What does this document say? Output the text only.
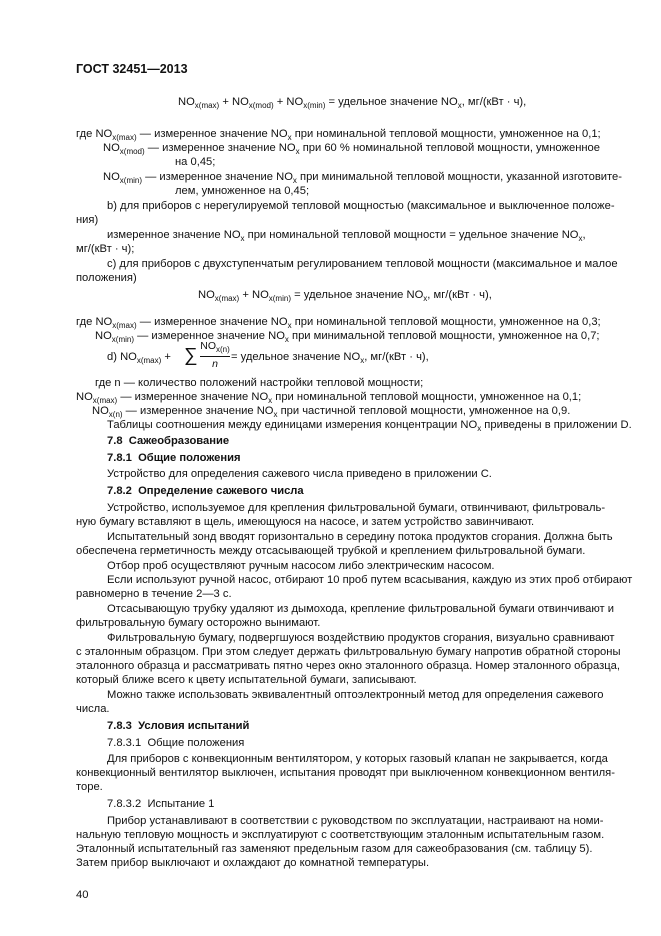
ГОСТ 32451—2013
$NO_{x(max)} + NO_{x(mod)} + NO_{x(min)}$ = удельное значение $NO_x$, мг/(кВт · ч),
где $NO_{x(max)}$ — измеренное значение $NO_x$ при номинальной тепловой мощности, умноженное на 0,1;
$NO_{x(mod)}$ — измеренное значение $NO_x$ при 60 % номинальной тепловой мощности, умноженное
на 0,45;
$NO_{x(min)}$ — измеренное значение $NO_x$ при минимальной тепловой мощности, указанной изготовите-
лем, умноженное на 0,45;
b) для приборов с нерегулируемой тепловой мощностью (максимальное и выключенное положе-
ния)
измеренное значение $NO_x$ при номинальной тепловой мощности = удельное значение $NO_x$,
мг/(кВт · ч);
c) для приборов с двухступенчатым регулированием тепловой мощности (максимальное и малое
положения)
$NO_{x(max)} + NO_{x(min)}$ = удельное значение $NO_x$, мг/(кВт · ч),
где $NO_{x(max)}$ — измеренное значение $NO_x$ при номинальной тепловой мощности, умноженное на 0,3;
$NO_{x(min)}$ — измеренное значение $NO_x$ при минимальной тепловой мощности, умноженное на 0,7;
d) $NO_{x(max)}$ + ∑ $NO_{x(n)}$
n
= удельное значение $NO_x$, мг/(кВт · ч),
где n — количество положений настройки тепловой мощности;
$NO_{x(max)}$ — измеренное значение $NO_x$ при номинальной тепловой мощности, умноженное на 0,1;
$NO_{x(n)}$ — измеренное значение $NO_x$ при частичной тепловой мощности, умноженное на 0,9.
Таблицы соотношения между единицами измерения концентрации $NO_x$ приведены в приложении D.
7.8 Сажеобразование
7.8.1 Общие положения
Устройство для определения сажевого числа приведено в приложении С.
7.8.2 Определение сажевого числа
Устройство, используемое для крепления фильтровальной бумаги, отвинчивают, фильтроваль-
ную бумагу вставляют в щель, имеющуюся на насосе, и затем устройство завинчивают.
Испытательный зонд вводят горизонтально в середину потока продуктов сгорания. Должна быть
обеспечена герметичность между отсасывающей трубкой и креплением фильтровальной бумаги.
Отбор проб осуществляют ручным насосом либо электрическим насосом.
Если используют ручной насос, отбирают 10 проб путем всасывания, каждую из этих проб отбирают
равномерно в течение 2—3 с.
Отсасывающую трубку удаляют из дымохода, крепление фильтровальной бумаги отвинчивают и
фильтровальную бумагу осторожно вынимают.
Фильтровальную бумагу, подвергшуюся воздействию продуктов сгорания, визуально сравнивают
с эталонным образцом. При этом следует держать фильтровальную бумагу напротив обратной стороны
эталонного образца и рассматривать пятно через окно эталонного образца. Номер эталонного образца,
который ближе всего к цвету испытательной бумаги, записывают.
Можно также использовать эквивалентный оптоэлектронный метод для определения сажевого
числа.
7.8.3 Условия испытаний
7.8.3.1 Общие положения
Для приборов с конвекционным вентилятором, у которых газовый клапан не закрывается, когда
конвекционный вентилятор выключен, испытания проводят при выключенном конвекционном вентиля-
торе.
7.8.3.2 Испытание 1
Прибор устанавливают в соответствии с руководством по эксплуатации, настраивают на номи-
нальную тепловую мощность и эксплуатируют с соответствующим эталонным испытательным газом.
Эталонный испытательный газ заменяют предельным газом для сажеобразования (см. таблицу 5).
Затем прибор выключают и охлаждают до комнатной температуры.
40
